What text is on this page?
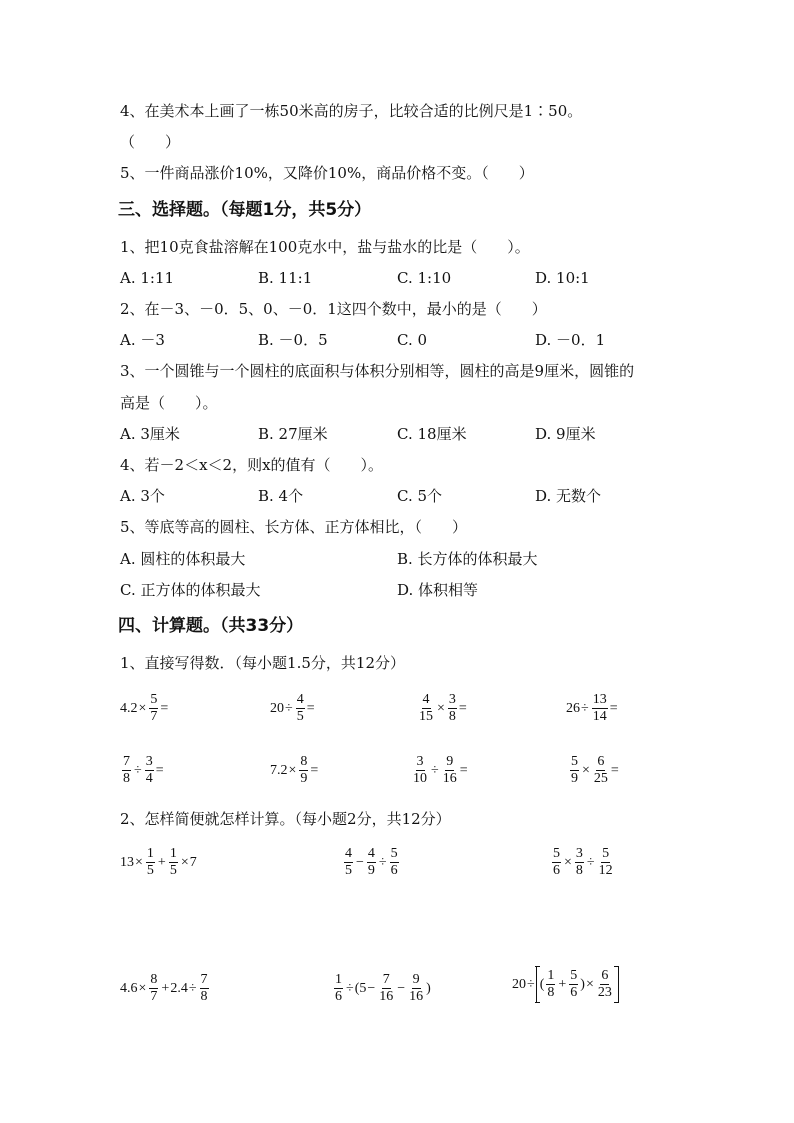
4、在美术本上画了一栋50米高的房子，比较合适的比例尺是1∶50。
（　　）
5、一件商品涨价10%，又降价10%，商品价格不变。（　　）
三、选择题。（每题1分，共5分）
1、把10克食盐溶解在100克水中，盐与盐水的比是（　　）。
A. 1:11	B. 11:1	C. 1:10	D. 10:1
2、在－3、－0．5、0、－0．1这四个数中，最小的是（　　）
A. －3	B. －0．5	C. 0	D. －0．1
3、一个圆锥与一个圆柱的底面积与体积分别相等，圆柱的高是9厘米，圆锥的
高是（　　）。
A. 3厘米	B. 27厘米	C. 18厘米	D. 9厘米
4、若－2＜x＜2，则x的值有（　　）。
A. 3个	B. 4个	C. 5个	D. 无数个
5、等底等高的圆柱、长方体、正方体相比，（　　）
A. 圆柱的体积最大	B. 长方体的体积最大
C. 正方体的体积最大	D. 体积相等
四、计算题。（共33分）
1、直接写得数．（每小题1.5分，共12分）
$4.2 \times \frac{5}{7}$ =	$20 \div \frac{4}{5}$ =	$\frac{4}{15} \times \frac{3}{8}$ =	$26 \div \frac{13}{14}$ =
$\frac{7}{8} \div \frac{3}{4}$ =	$7.2 \times \frac{8}{9}$ =	$\frac{3}{10} \div \frac{9}{16}$ =	$\frac{5}{9} \times \frac{6}{25}$ =
2、怎样简便就怎样计算。（每小题2分，共12分）
$13 \times \frac{1}{5} + \frac{1}{5} \times 7$	$\frac{4}{5} - \frac{4}{9} \div \frac{5}{6}$	$\frac{5}{6} \times \frac{3}{8} \div \frac{5}{12}$
$4.6 \times \frac{8}{7} + 2.4 \div \frac{7}{8}$	$\frac{1}{6} \div (5 - \frac{7}{16} - \frac{9}{16}$ )	20 ÷ ( $\frac{1}{8} + \frac{5}{6}$ ) × $\frac{6}{23}$
